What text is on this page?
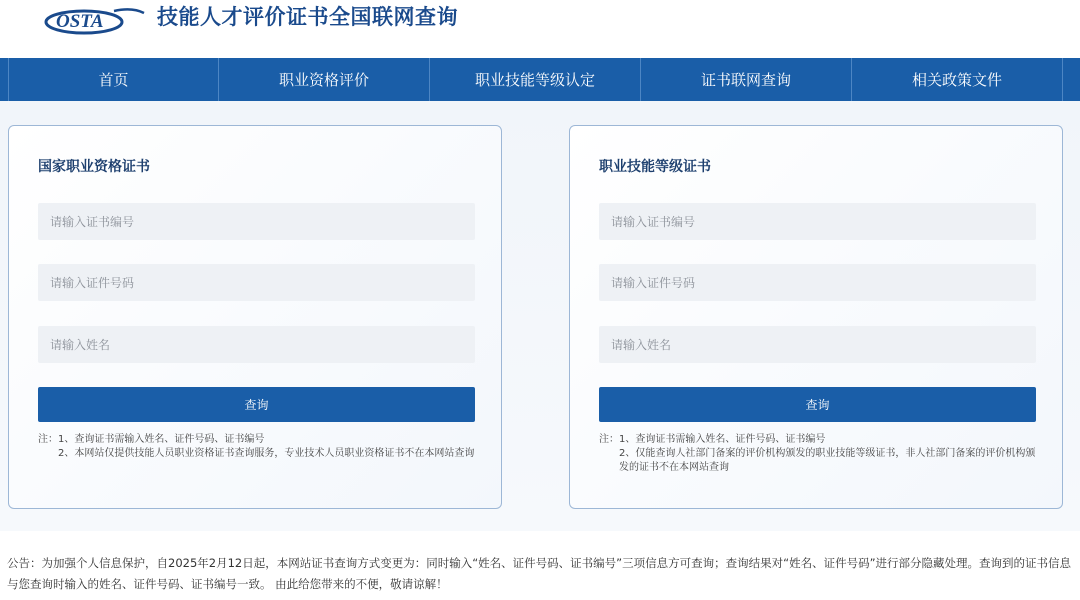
OSTA	技能人才评价证书全国联网查询
首页	职业资格评价	职业技能等级认定	证书联网查询	相关政策文件
国家职业资格证书
请输入证书编号
请输入证件号码
请输入姓名
查询
注： 1、查询证书需输入姓名、证件号码、证书编号
2、本网站仅提供技能人员职业资格证书查询服务，专业技术人员职业资格证书不在本网站查询
职业技能等级证书
请输入证书编号
请输入证件号码
请输入姓名
查询
注： 1、查询证书需输入姓名、证件号码、证书编号
2、仅能查询人社部门备案的评价机构颁发的职业技能等级证书，非人社部门备案的评价机构颁发的证书不在本网站查询
公告：为加强个人信息保护，自2025年2月12日起，本网站证书查询方式变更为：同时输入“姓名、证件号码、证书编号”三项信息方可查询；查询结果对“姓名、证件号码”进行部分隐藏处理。查询到的证书信息与您查询时输入的姓名、证件号码、证书编号一致。 由此给您带来的不便，敬请谅解！
